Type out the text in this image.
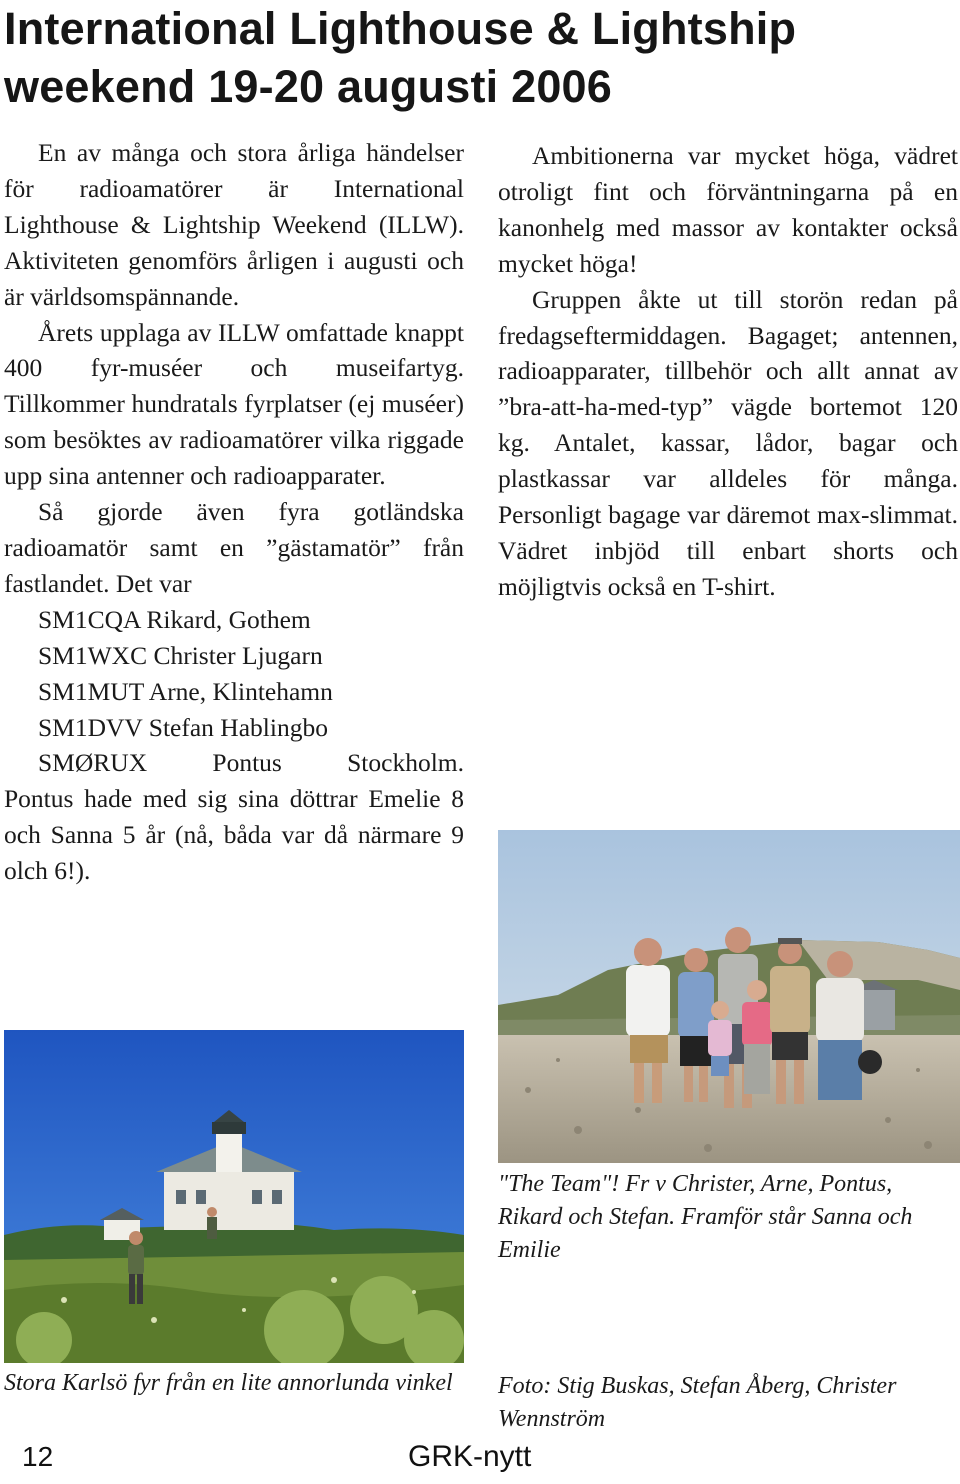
International Lighthouse & Lightship weekend 19-20 augusti 2006

En av många och stora årliga händelser för radioamatörer är International Lighthouse & Lightship Weekend (ILLW). Aktiviteten genomförs årligen i augusti och är världsomspännande.

Årets upplaga av ILLW omfattade knappt 400 fyr-muséer och museifartyg. Tillkommer hundratals fyrplatser (ej muséer) som besöktes av radioamatörer vilka riggade upp sina antenner och radioapparater.

Så gjorde även fyra gotländska radioamatör samt en ”gästamatör” från fastlandet. Det var

SM1CQA Rikard, Gothem
SM1WXC Christer Ljugarn
SM1MUT Arne, Klintehamn
SM1DVV Stefan Hablingbo
SMØRUX Pontus Stockholm.

Pontus hade med sig sina döttrar Emelie 8 och Sanna 5 år (nå, båda var då närmare 9 olch 6!).

Ambitionerna var mycket höga, vädret otroligt fint och förväntningarna på en kanonhelg med massor av kontakter också mycket höga!

Gruppen åkte ut till storön redan på fredagseftermiddagen. Bagaget; antennen, radioapparater, tillbehör och allt annat av ”bra-att-ha-med-typ” vägde bortemot 120 kg. Antalet, kassar, lådor, bagar och plastkassar var alldeles för många. Personligt bagage var däremot max-slimmat. Vädret inbjöd till enbart shorts och möjligtvis också en T-shirt.

"The Team"! Fr v Christer, Arne, Pontus, Rikard och Stefan. Framför står Sanna och Emilie
Stora Karlsö fyr från en lite annorlunda vinkel	Foto: Stig Buskas, Stefan Åberg, Christer Wennström
12	GRK-nytt
